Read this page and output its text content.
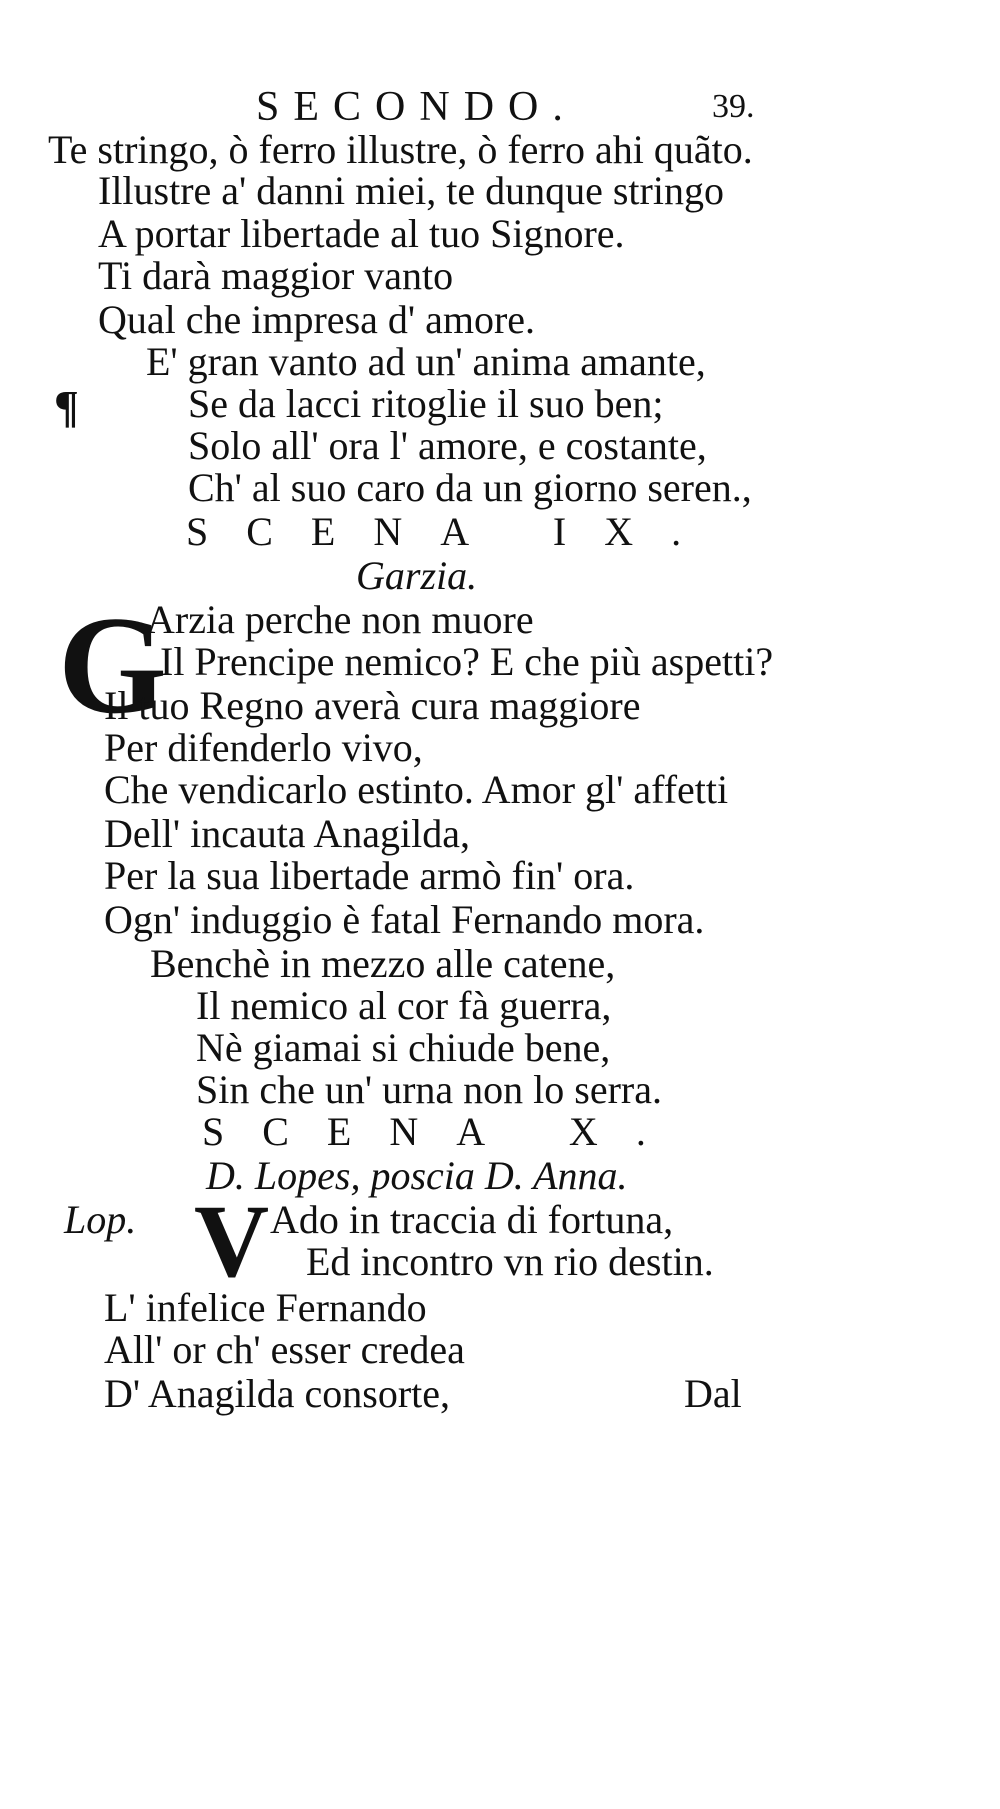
SECONDO.	39.
Te stringo, ò ferro illustre, ò ferro ahi quãto.
Illustre a' danni miei, te dunque stringo
A portar libertade al tuo Signore.
Ti darà maggior vanto
Qual che impresa d' amore.
E' gran vanto ad un' anima amante,
¶	Se da lacci ritoglie il suo ben;
Solo all' ora l' amore, e costante,
Ch' al suo caro da un giorno seren.,
SCENA IX.
Garzia.
G
Arzia perche non muore
Il Prencipe nemico? E che più aspetti?
Il tuo Regno averà cura maggiore
Per difenderlo vivo,
Che vendicarlo estinto. Amor gl' affetti
Dell' incauta Anagilda,
Per la sua libertade armò fin' ora.
Ogn' induggio è fatal Fernando mora.
Benchè in mezzo alle catene,
Il nemico al cor fà guerra,
Nè giamai si chiude bene,
Sin che un' urna non lo serra.
SCENA X.
D. Lopes, poscia D. Anna.
Lop. V Ado in traccia di fortuna,
Ed incontro vn rio destin.
L' infelice Fernando
All' or ch' esser credea
D' Anagilda consorte,	Dal
